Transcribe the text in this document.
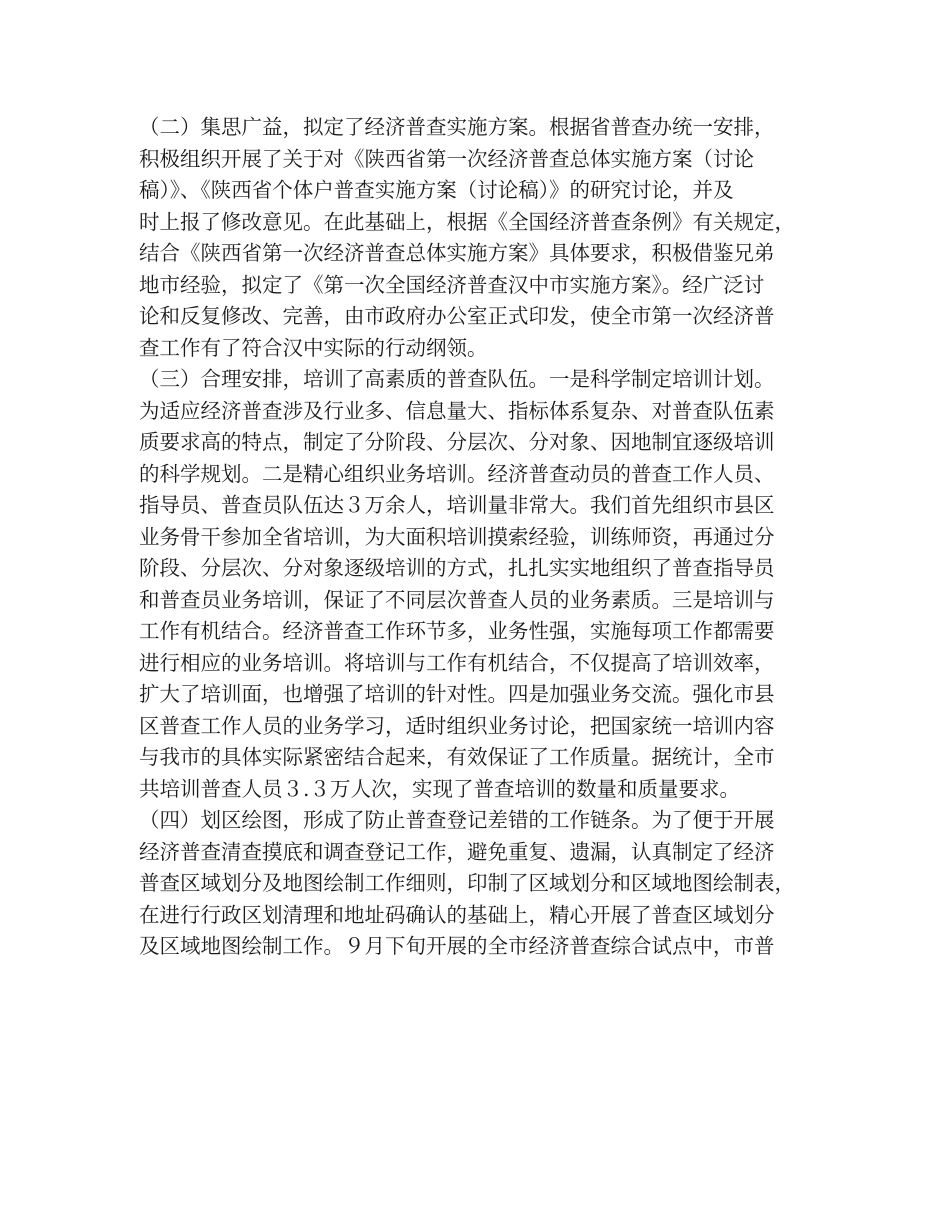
（二）集思广益，拟定了经济普查实施方案。根据省普查办统一安排，
积极组织开展了关于对《陕西省第一次经济普查总体实施方案（讨论
稿）》、《陕西省个体户普查实施方案（讨论稿）》的研究讨论，并及
时上报了修改意见。在此基础上，根据《全国经济普查条例》有关规定，
结合《陕西省第一次经济普查总体实施方案》具体要求，积极借鉴兄弟
地市经验，拟定了《第一次全国经济普查汉中市实施方案》。经广泛讨
论和反复修改、完善，由市政府办公室正式印发，使全市第一次经济普
查工作有了符合汉中实际的行动纲领。
（三）合理安排，培训了高素质的普查队伍。一是科学制定培训计划。
为适应经济普查涉及行业多、信息量大、指标体系复杂、对普查队伍素
质要求高的特点，制定了分阶段、分层次、分对象、因地制宜逐级培训
的科学规划。二是精心组织业务培训。经济普查动员的普查工作人员、
指导员、普查员队伍达３万余人，培训量非常大。我们首先组织市县区
业务骨干参加全省培训，为大面积培训摸索经验，训练师资，再通过分
阶段、分层次、分对象逐级培训的方式，扎扎实实地组织了普查指导员
和普查员业务培训，保证了不同层次普查人员的业务素质。三是培训与
工作有机结合。经济普查工作环节多，业务性强，实施每项工作都需要
进行相应的业务培训。将培训与工作有机结合，不仅提高了培训效率，
扩大了培训面，也增强了培训的针对性。四是加强业务交流。强化市县
区普查工作人员的业务学习，适时组织业务讨论，把国家统一培训内容
与我市的具体实际紧密结合起来，有效保证了工作质量。据统计，全市
共培训普查人员３.３万人次，实现了普查培训的数量和质量要求。
（四）划区绘图，形成了防止普查登记差错的工作链条。为了便于开展
经济普查清查摸底和调查登记工作，避免重复、遗漏，认真制定了经济
普查区域划分及地图绘制工作细则，印制了区域划分和区域地图绘制表，
在进行行政区划清理和地址码确认的基础上，精心开展了普查区域划分
及区域地图绘制工作。９月下旬开展的全市经济普查综合试点中，市普
